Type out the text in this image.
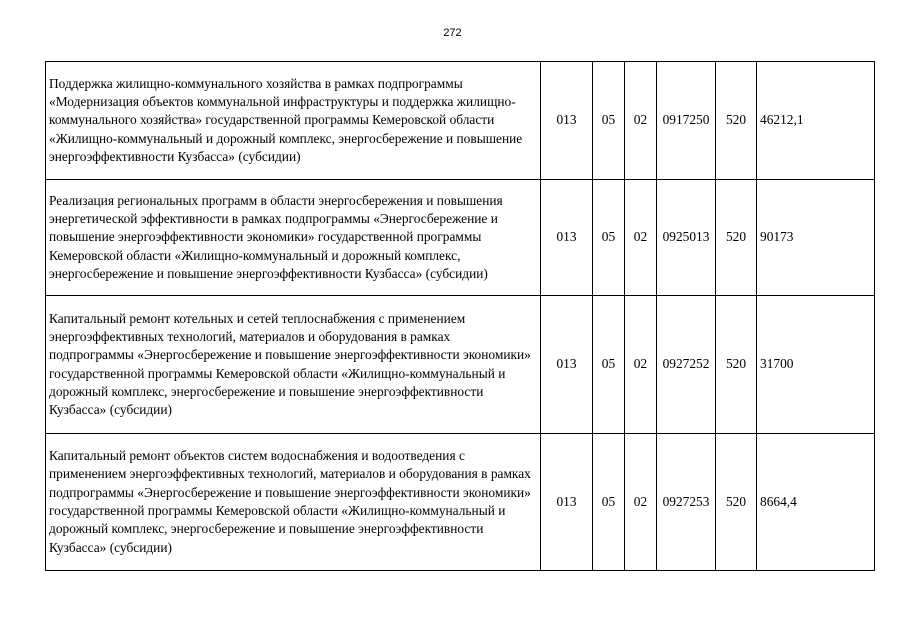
272
Поддержка жилищно-коммунального хозяйства в рамках подпрограммы «Модернизация объектов коммунальной инфраструктуры и поддержка жилищно-коммунального хозяйства» государственной программы Кемеровской области «Жилищно-коммунальный и дорожный комплекс, энергосбережение и повышение энергоэффективности Кузбасса» (субсидии)	013	05	02	0917250	520	46212,1
Реализация региональных программ в области энергосбережения и повышения энергетической эффективности в рамках подпрограммы «Энергосбережение и повышение энергоэффективности экономики» государственной программы Кемеровской области «Жилищно-коммунальный и дорожный комплекс, энергосбережение и повышение энергоэффективности Кузбасса» (субсидии)	013	05	02	0925013	520	90173
Капитальный ремонт котельных и сетей теплоснабжения с применением энергоэффективных технологий, материалов и оборудования в рамках подпрограммы «Энергосбережение и повышение энергоэффективности экономики» государственной программы Кемеровской области «Жилищно-коммунальный и дорожный комплекс, энергосбережение и повышение энергоэффективности Кузбасса» (субсидии)	013	05	02	0927252	520	31700
Капитальный ремонт объектов систем водоснабжения и водоотведения с применением энергоэффективных технологий, материалов и оборудования в рамках подпрограммы «Энергосбережение и повышение энергоэффективности экономики» государственной программы Кемеровской области «Жилищно-коммунальный и дорожный комплекс, энергосбережение и повышение энергоэффективности Кузбасса» (субсидии)	013	05	02	0927253	520	8664,4
